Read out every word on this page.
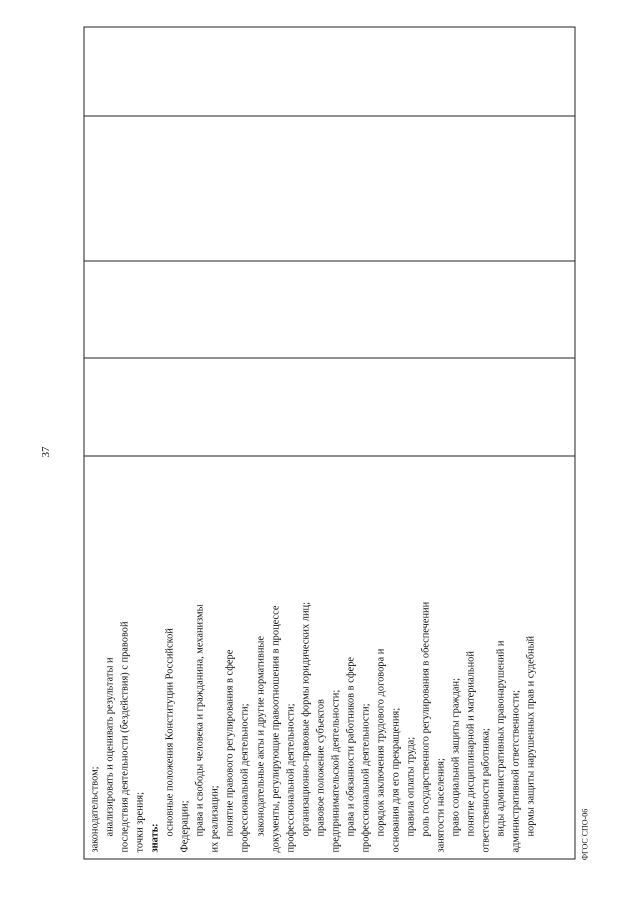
37
законодательством; анализировать и оценивать результаты и последствия деятельности (бездействия) с правовой точки зрения; знать:
основные положения Конституции Российской Федерации; права и свободы человека и гражданина, механизмы их реализации; понятие правового регулирования в сфере профессиональной деятельности; законодательные акты и другие нормативные документы, регулирующие правоотношения в процессе профессиональной деятельности; организационно-правовые формы юридических лиц; правовое положение субъектов предпринимательской деятельности; права и обязанности работников в сфере профессиональной деятельности; порядок заключения трудового договора и основания для его прекращения; правила оплаты труда; роль государственного регулирования в обеспечении занятости населения; право социальной защиты граждан; понятие дисциплинарной и материальной ответственности работника; виды административных правонарушений и административной ответственности; нормы защиты нарушенных прав и судебный
					ФГОС СПО-06
